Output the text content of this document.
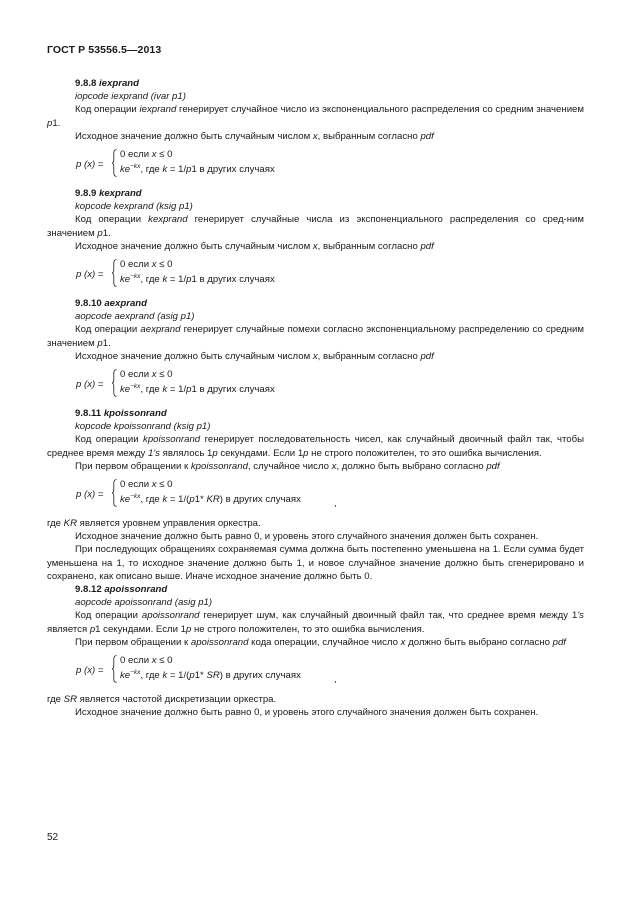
ГОСТ Р 53556.5—2013

9.8.8 iexprand

iopcode iexprand (ivar p1)

Код операции iexprand генерирует случайное число из экспоненциального распределения со средним значением p1.

Исходное значение должно быть случайным числом x, выбранным согласно pdf

p (x) =
0 если x ≤ 0
$ke^{-kx}$, где k = 1/p1 в других случаях

9.8.9 kexprand

kopcode kexprand (ksig p1)

Код операции kexprand генерирует случайные числа из экспоненциального распределения со сред-ним значением p1.

Исходное значение должно быть случайным числом x, выбранным согласно pdf

p (x) =
0 если x ≤ 0
$ke^{-kx}$, где k = 1/p1 в других случаях

9.8.10 aexprand

aopcode aexprand (asig p1)

Код операции aexprand генерирует случайные помехи согласно экспоненциальному распределению со средним значением p1.

Исходное значение должно быть случайным числом x, выбранным согласно pdf

p (x) =
0 если x ≤ 0
$ke^{-kx}$, где k = 1/p1 в других случаях

9.8.11 kpoissonrand

kopcode kpoissonrand (ksig p1)

Код операции kpoissonrand генерирует последовательность чисел, как случайный двоичный файл так, чтобы среднее время между 1's являлось 1p секундами. Если 1p не строго положителен, то это ошибка вычисления.

При первом обращении к kpoissonrand, случайное число x, должно быть выбрано согласно pdf

p (x) =
0 если x ≤ 0
$ke^{-kx}$, где k = 1/(p1* KR) в других случаях	,

где KR является уровнем управления оркестра.

Исходное значение должно быть равно 0, и уровень этого случайного значения должен быть сохранен.

При последующих обращениях сохраняемая сумма должна быть постепенно уменьшена на 1. Если сумма будет уменьшена на 1, то исходное значение должно быть 1, и новое случайное значение должно быть сгенерировано и сохранено, как описано выше. Иначе исходное значение должно быть 0.

9.8.12 apoissonrand

aopcode apoissonrand (asig p1)

Код операции apoissonrand генерирует шум, как случайный двоичный файл так, что среднее время между 1's является p1 секундами. Если 1p не строго положителен, то это ошибка вычисления.

При первом обращении к apoissonrand кода операции, случайное число x должно быть выбрано согласно pdf

p (x) =
0 если x ≤ 0
$ke^{-kx}$, где k = 1/(p1* SR) в других случаях	,

где SR является частотой дискретизации оркестра.

Исходное значение должно быть равно 0, и уровень этого случайного значения должен быть сохранен.

52
